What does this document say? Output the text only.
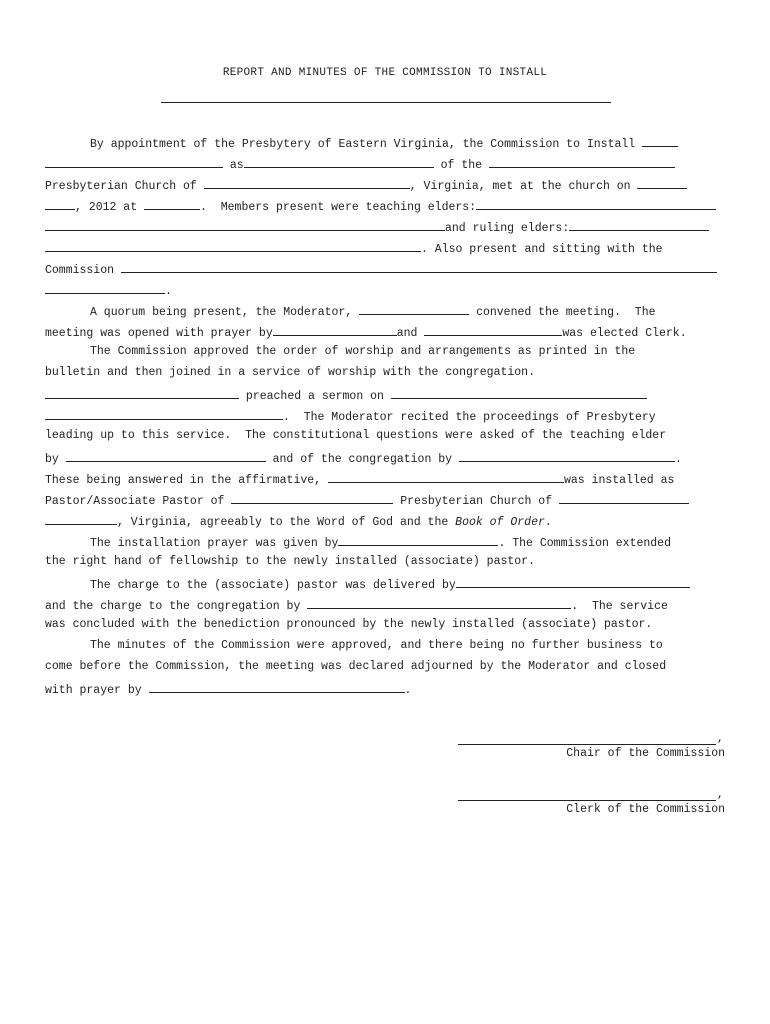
REPORT AND MINUTES OF THE COMMISSION TO INSTALL
By appointment of the Presbytery of Eastern Virginia, the Commission to Install
as	of the
Presbyterian Church of	, Virginia, met at the church on
, 2012 at	.  Members present were teaching elders:
and ruling elders:
. Also present and sitting with the
Commission
.
A quorum being present, the Moderator,	convened the meeting.  The
meeting was opened with prayer by	and	was elected Clerk.
The Commission approved the order of worship and arrangements as printed in the
bulletin and then joined in a service of worship with the congregation.
preached a sermon on
.  The Moderator recited the proceedings of Presbytery
leading up to this service.  The constitutional questions were asked of the teaching elder
by	and of the congregation by	.
These being answered in the affirmative,	was installed as
Pastor/Associate Pastor of	Presbyterian Church of
, Virginia, agreeably to the Word of God and the Book of Order.
The installation prayer was given by	. The Commission extended
the right hand of fellowship to the newly installed (associate) pastor.
The charge to the (associate) pastor was delivered by
and the charge to the congregation by	.  The service
was concluded with the benediction pronounced by the newly installed (associate) pastor.
The minutes of the Commission were approved, and there being no further business to
come before the Commission, the meeting was declared adjourned by the Moderator and closed
with prayer by	.
,
Chair of the Commission
,
Clerk of the Commission
